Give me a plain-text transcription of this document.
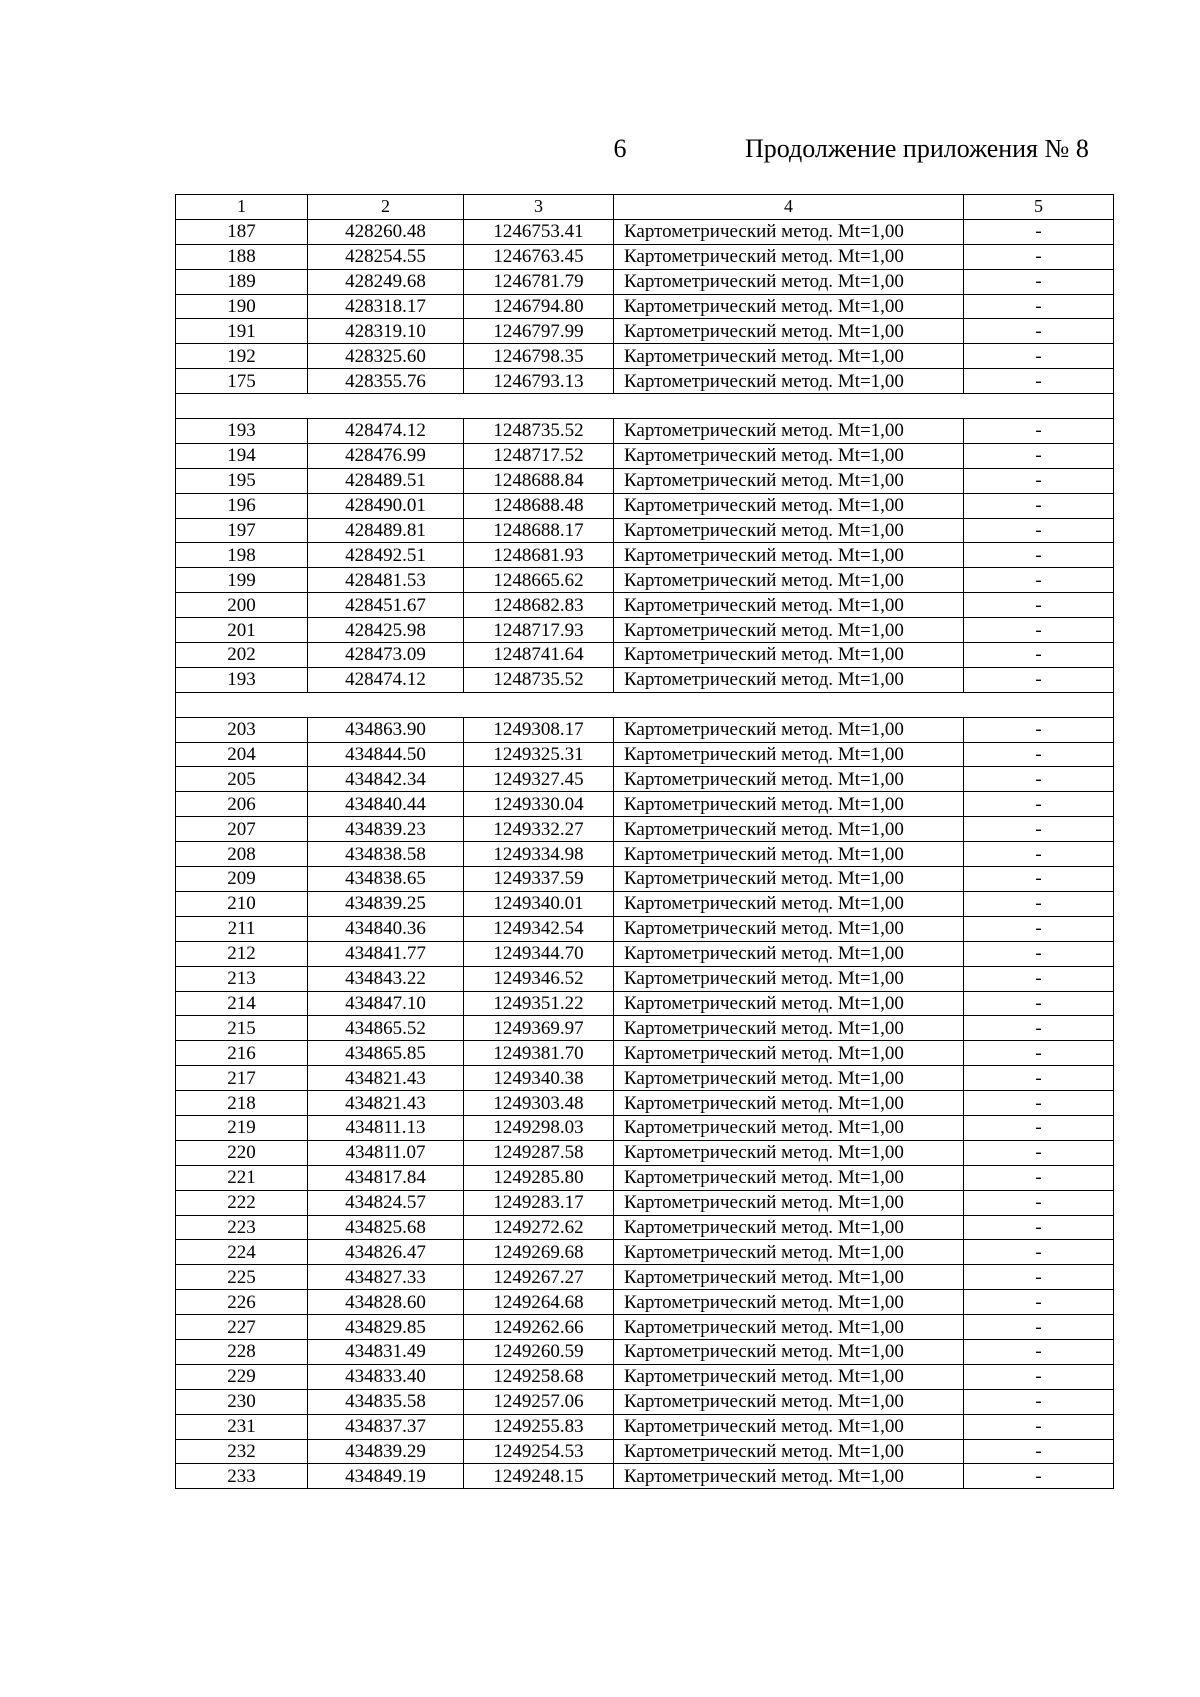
6	Продолжение приложения № 8
1	2	3	4	5
187	428260.48	1246753.41	Картометрический метод. Mt=1,00	-
188	428254.55	1246763.45	Картометрический метод. Mt=1,00	-
189	428249.68	1246781.79	Картометрический метод. Mt=1,00	-
190	428318.17	1246794.80	Картометрический метод. Mt=1,00	-
191	428319.10	1246797.99	Картометрический метод. Mt=1,00	-
192	428325.60	1246798.35	Картометрический метод. Mt=1,00	-
175	428355.76	1246793.13	Картометрический метод. Mt=1,00	-

193	428474.12	1248735.52	Картометрический метод. Mt=1,00	-
194	428476.99	1248717.52	Картометрический метод. Mt=1,00	-
195	428489.51	1248688.84	Картометрический метод. Mt=1,00	-
196	428490.01	1248688.48	Картометрический метод. Mt=1,00	-
197	428489.81	1248688.17	Картометрический метод. Mt=1,00	-
198	428492.51	1248681.93	Картометрический метод. Mt=1,00	-
199	428481.53	1248665.62	Картометрический метод. Mt=1,00	-
200	428451.67	1248682.83	Картометрический метод. Mt=1,00	-
201	428425.98	1248717.93	Картометрический метод. Mt=1,00	-
202	428473.09	1248741.64	Картометрический метод. Mt=1,00	-
193	428474.12	1248735.52	Картометрический метод. Mt=1,00	-

203	434863.90	1249308.17	Картометрический метод. Mt=1,00	-
204	434844.50	1249325.31	Картометрический метод. Mt=1,00	-
205	434842.34	1249327.45	Картометрический метод. Mt=1,00	-
206	434840.44	1249330.04	Картометрический метод. Mt=1,00	-
207	434839.23	1249332.27	Картометрический метод. Mt=1,00	-
208	434838.58	1249334.98	Картометрический метод. Mt=1,00	-
209	434838.65	1249337.59	Картометрический метод. Mt=1,00	-
210	434839.25	1249340.01	Картометрический метод. Mt=1,00	-
211	434840.36	1249342.54	Картометрический метод. Mt=1,00	-
212	434841.77	1249344.70	Картометрический метод. Mt=1,00	-
213	434843.22	1249346.52	Картометрический метод. Mt=1,00	-
214	434847.10	1249351.22	Картометрический метод. Mt=1,00	-
215	434865.52	1249369.97	Картометрический метод. Mt=1,00	-
216	434865.85	1249381.70	Картометрический метод. Mt=1,00	-
217	434821.43	1249340.38	Картометрический метод. Mt=1,00	-
218	434821.43	1249303.48	Картометрический метод. Mt=1,00	-
219	434811.13	1249298.03	Картометрический метод. Mt=1,00	-
220	434811.07	1249287.58	Картометрический метод. Mt=1,00	-
221	434817.84	1249285.80	Картометрический метод. Mt=1,00	-
222	434824.57	1249283.17	Картометрический метод. Mt=1,00	-
223	434825.68	1249272.62	Картометрический метод. Mt=1,00	-
224	434826.47	1249269.68	Картометрический метод. Mt=1,00	-
225	434827.33	1249267.27	Картометрический метод. Mt=1,00	-
226	434828.60	1249264.68	Картометрический метод. Mt=1,00	-
227	434829.85	1249262.66	Картометрический метод. Mt=1,00	-
228	434831.49	1249260.59	Картометрический метод. Mt=1,00	-
229	434833.40	1249258.68	Картометрический метод. Mt=1,00	-
230	434835.58	1249257.06	Картометрический метод. Mt=1,00	-
231	434837.37	1249255.83	Картометрический метод. Mt=1,00	-
232	434839.29	1249254.53	Картометрический метод. Mt=1,00	-
233	434849.19	1249248.15	Картометрический метод. Mt=1,00	-
